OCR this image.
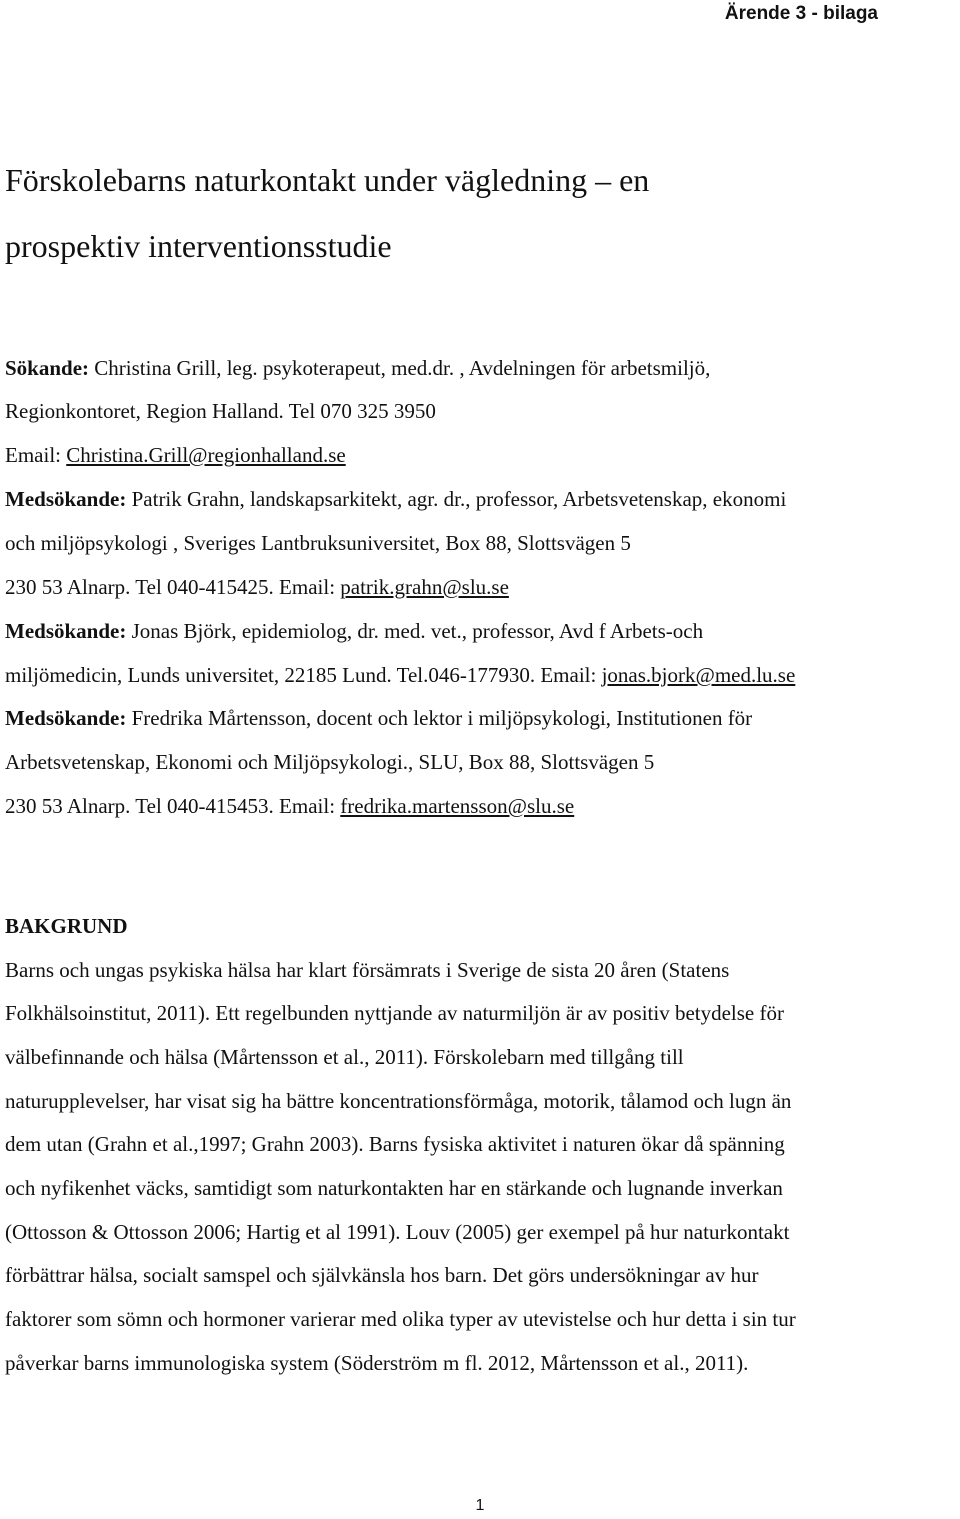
Ärende 3 - bilaga
Förskolebarns naturkontakt under vägledning – en
prospektiv interventionsstudie
Sökande: Christina Grill, leg. psykoterapeut, med.dr. , Avdelningen för arbetsmiljö,
Regionkontoret, Region Halland. Tel 070 325 3950
Email: Christina.Grill@regionhalland.se
Medsökande: Patrik Grahn, landskapsarkitekt, agr. dr., professor, Arbetsvetenskap, ekonomi
och miljöpsykologi , Sveriges Lantbruksuniversitet, Box 88, Slottsvägen 5
230 53 Alnarp. Tel 040-415425. Email: patrik.grahn@slu.se
Medsökande: Jonas Björk, epidemiolog, dr. med. vet., professor, Avd f Arbets-och
miljömedicin, Lunds universitet, 22185 Lund. Tel.046-177930. Email: jonas.bjork@med.lu.se
Medsökande: Fredrika Mårtensson, docent och lektor i miljöpsykologi, Institutionen för
Arbetsvetenskap, Ekonomi och Miljöpsykologi., SLU, Box 88, Slottsvägen 5
230 53 Alnarp. Tel 040-415453. Email: fredrika.martensson@slu.se
BAKGRUND
Barns och ungas psykiska hälsa har klart försämrats i Sverige de sista 20 åren (Statens
Folkhälsoinstitut, 2011). Ett regelbunden nyttjande av naturmiljön är av positiv betydelse för
välbefinnande och hälsa (Mårtensson et al., 2011). Förskolebarn med tillgång till
naturupplevelser, har visat sig ha bättre koncentrationsförmåga, motorik, tålamod och lugn än
dem utan (Grahn et al.,1997; Grahn 2003). Barns fysiska aktivitet i naturen ökar då spänning
och nyfikenhet väcks, samtidigt som naturkontakten har en stärkande och lugnande inverkan
(Ottosson & Ottosson 2006; Hartig et al 1991). Louv (2005) ger exempel på hur naturkontakt
förbättrar hälsa, socialt samspel och självkänsla hos barn. Det görs undersökningar av hur
faktorer som sömn och hormoner varierar med olika typer av utevistelse och hur detta i sin tur
påverkar barns immunologiska system (Söderström m fl. 2012, Mårtensson et al., 2011).
1
